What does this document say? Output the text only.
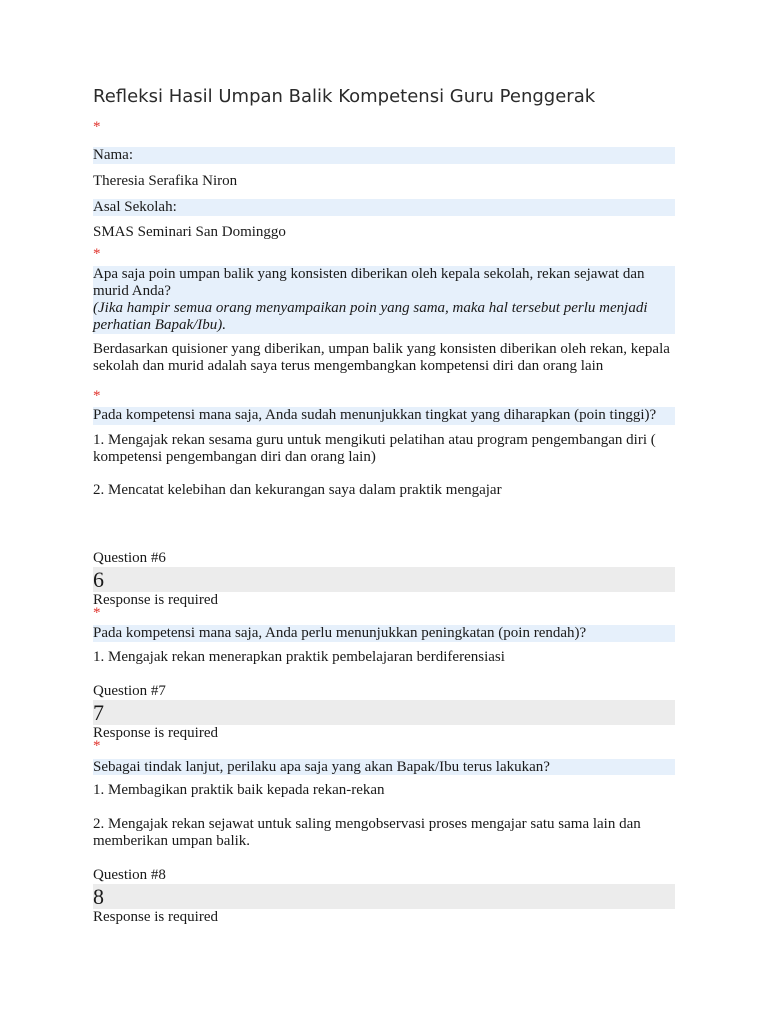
Refleksi Hasil Umpan Balik Kompetensi Guru Penggerak
*
Nama:
Theresia Serafika Niron
Asal Sekolah:
SMAS Seminari San Dominggo
*
Apa saja poin umpan balik yang konsisten diberikan oleh kepala sekolah, rekan sejawat dan murid Anda?
(Jika hampir semua orang menyampaikan poin yang sama, maka hal tersebut perlu menjadi perhatian Bapak/Ibu).
Berdasarkan quisioner yang diberikan, umpan balik yang konsisten diberikan oleh rekan, kepala sekolah dan murid adalah saya terus mengembangkan kompetensi diri dan orang lain
*
Pada kompetensi mana saja, Anda sudah menunjukkan tingkat yang diharapkan (poin tinggi)?
1. Mengajak rekan sesama guru untuk mengikuti pelatihan atau program pengembangan diri ( kompetensi pengembangan diri dan orang lain)
2. Mencatat kelebihan dan kekurangan saya dalam praktik mengajar
Question #6
6
Response is required
*
Pada kompetensi mana saja, Anda perlu menunjukkan peningkatan (poin rendah)?
1. Mengajak rekan menerapkan praktik pembelajaran berdiferensiasi
Question #7
7
Response is required
*
Sebagai tindak lanjut, perilaku apa saja yang akan Bapak/Ibu terus lakukan?
1. Membagikan praktik baik kepada rekan-rekan
2. Mengajak rekan sejawat untuk saling mengobservasi proses mengajar satu sama lain dan memberikan umpan balik.
Question #8
8
Response is required
